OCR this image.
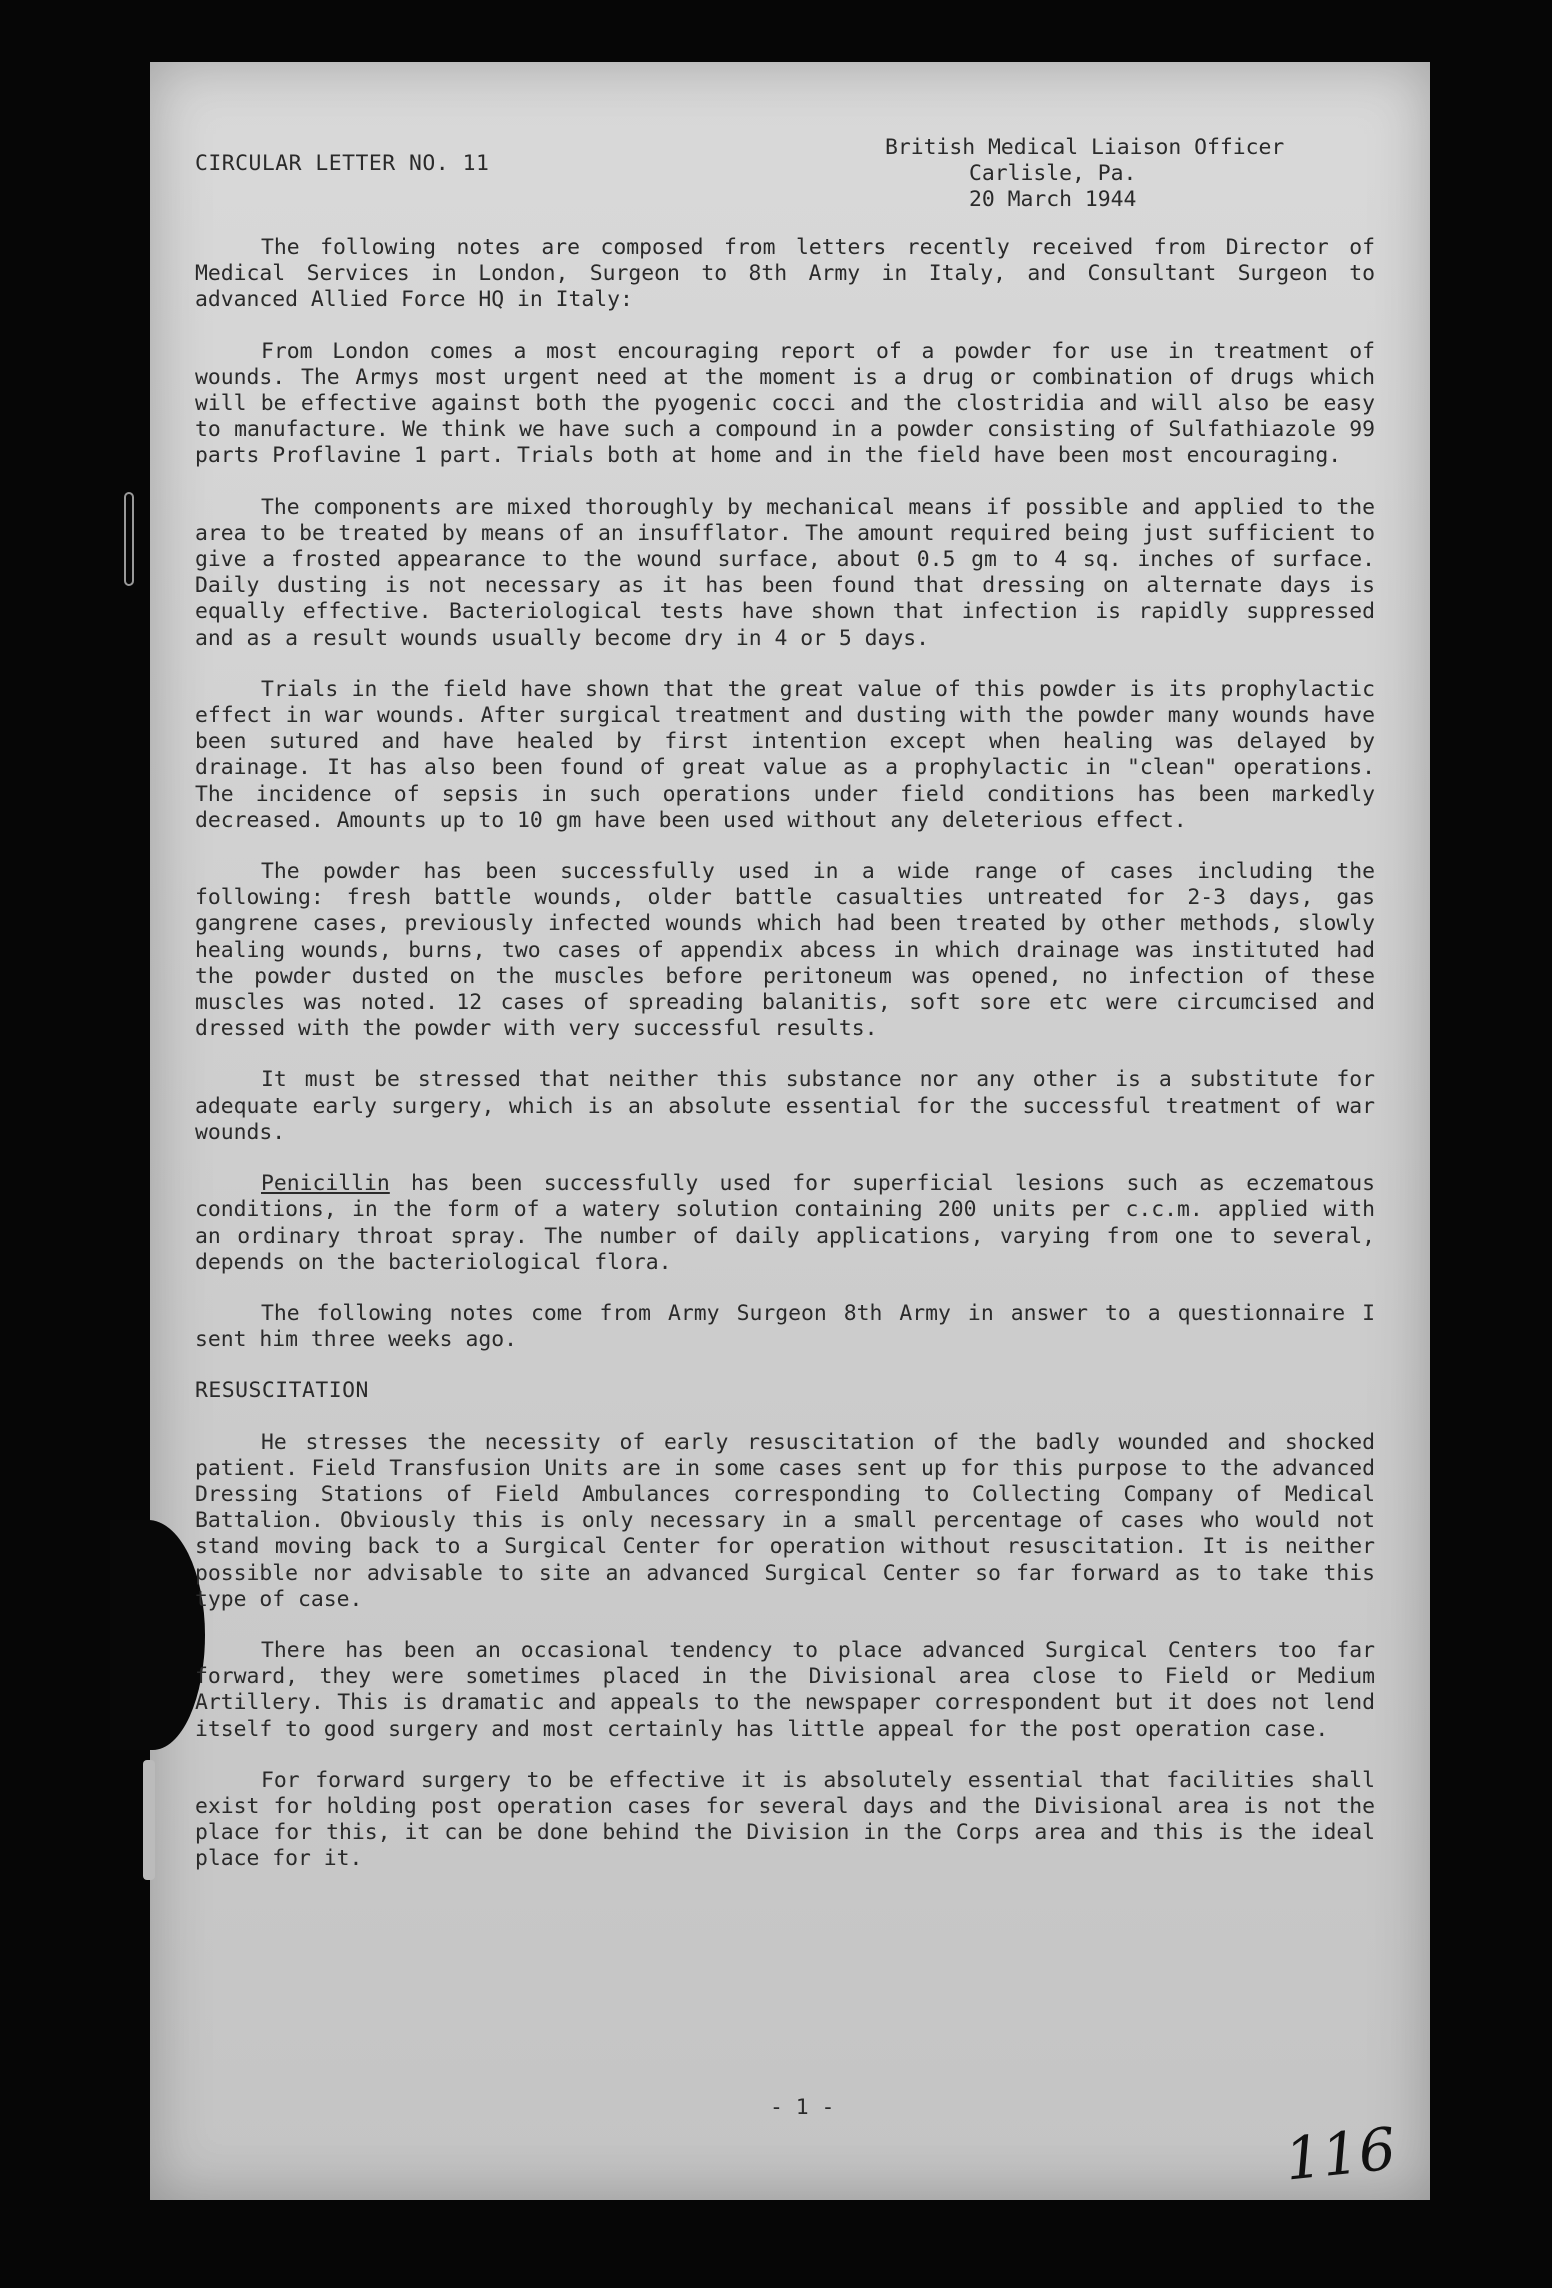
CIRCULAR LETTER NO. 11
British Medical Liaison Officer
Carlisle, Pa.
20 March 1944

The following notes are composed from letters recently received from Director of Medical Services in London, Surgeon to 8th Army in Italy, and Consultant Surgeon to advanced Allied Force HQ in Italy:

From London comes a most encouraging report of a powder for use in treatment of wounds. The Armys most urgent need at the moment is a drug or combination of drugs which will be effective against both the pyogenic cocci and the clostridia and will also be easy to manufacture. We think we have such a compound in a powder consisting of Sulfathiazole 99 parts Proflavine 1 part. Trials both at home and in the field have been most encouraging.

The components are mixed thoroughly by mechanical means if possible and applied to the area to be treated by means of an insufflator. The amount required being just sufficient to give a frosted appearance to the wound surface, about 0.5 gm to 4 sq. inches of surface. Daily dusting is not necessary as it has been found that dressing on alternate days is equally effective. Bacteriological tests have shown that infection is rapidly suppressed and as a result wounds usually become dry in 4 or 5 days.

Trials in the field have shown that the great value of this powder is its prophylactic effect in war wounds. After surgical treatment and dusting with the powder many wounds have been sutured and have healed by first intention except when healing was delayed by drainage. It has also been found of great value as a prophylactic in "clean" operations. The incidence of sepsis in such operations under field conditions has been markedly decreased. Amounts up to 10 gm have been used without any deleterious effect.

The powder has been successfully used in a wide range of cases including the following: fresh battle wounds, older battle casualties untreated for 2-3 days, gas gangrene cases, previously infected wounds which had been treated by other methods, slowly healing wounds, burns, two cases of appendix abcess in which drainage was instituted had the powder dusted on the muscles before peritoneum was opened, no infection of these muscles was noted. 12 cases of spreading balanitis, soft sore etc were circumcised and dressed with the powder with very successful results.

It must be stressed that neither this substance nor any other is a substitute for adequate early surgery, which is an absolute essential for the successful treatment of war wounds.

Penicillin has been successfully used for superficial lesions such as eczematous conditions, in the form of a watery solution containing 200 units per c.c.m. applied with an ordinary throat spray. The number of daily applications, varying from one to several, depends on the bacteriological flora.

The following notes come from Army Surgeon 8th Army in answer to a questionnaire I sent him three weeks ago.

RESUSCITATION

He stresses the necessity of early resuscitation of the badly wounded and shocked patient. Field Transfusion Units are in some cases sent up for this purpose to the advanced Dressing Stations of Field Ambulances corresponding to Collecting Company of Medical Battalion. Obviously this is only necessary in a small percentage of cases who would not stand moving back to a Surgical Center for operation without resuscitation. It is neither possible nor advisable to site an advanced Surgical Center so far forward as to take this type of case.

There has been an occasional tendency to place advanced Surgical Centers too far forward, they were sometimes placed in the Divisional area close to Field or Medium Artillery. This is dramatic and appeals to the newspaper correspondent but it does not lend itself to good surgery and most certainly has little appeal for the post operation case.

For forward surgery to be effective it is absolutely essential that facilities shall exist for holding post operation cases for several days and the Divisional area is not the place for this, it can be done behind the Division in the Corps area and this is the ideal place for it.

- 1 -
116
